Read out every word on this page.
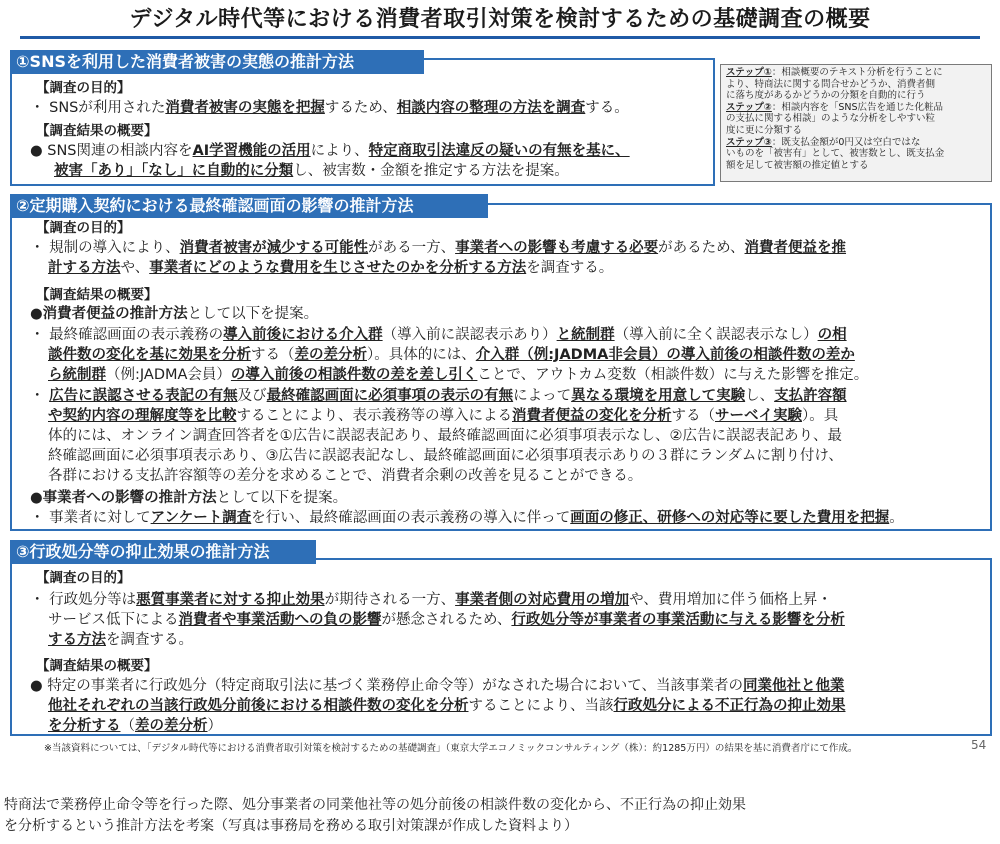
デジタル時代等における消費者取引対策を検討するための基礎調査の概要
①SNSを利用した消費者被害の実態の推計方法
【調査の目的】
・ SNSが利用された消費者被害の実態を把握するため、相談内容の整理の方法を調査する。
【調査結果の概要】
● SNS関連の相談内容をAI学習機能の活用により、特定商取引法違反の疑いの有無を基に、
被害「あり」「なし」に自動的に分類し、被害数・金額を推定する方法を提案。
ステップ①：相談概要のテキスト分析を行うことに
より、特商法に関する問合せかどうか、消費者側
に落ち度があるかどうかの分類を自動的に行う
ステップ②：相談内容を「SNS広告を通じた化粧品
の支払に関する相談」のような分析をしやすい粒
度に更に分類する
ステップ③：既支払金額が0円又は空白ではな
いものを「被害有」として、被害数とし、既支払金
額を足して被害額の推定値とする
②定期購入契約における最終確認画面の影響の推計方法
【調査の目的】
・ 規制の導入により、消費者被害が減少する可能性がある一方、事業者への影響も考慮する必要があるため、消費者便益を推
計する方法や、事業者にどのような費用を生じさせたのかを分析する方法を調査する。
【調査結果の概要】
●消費者便益の推計方法として以下を提案。
・ 最終確認画面の表示義務の導入前後における介入群（導入前に誤認表示あり）と統制群（導入前に全く誤認表示なし）の相
談件数の変化を基に効果を分析する（差の差分析）。具体的には、介入群（例:JADMA非会員）の導入前後の相談件数の差か
ら統制群（例:JADMA会員）の導入前後の相談件数の差を差し引くことで、アウトカム変数（相談件数）に与えた影響を推定。
・ 広告に誤認させる表記の有無及び最終確認画面に必須事項の表示の有無によって異なる環境を用意して実験し、支払許容額
や契約内容の理解度等を比較することにより、表示義務等の導入による消費者便益の変化を分析する（サーベイ実験）。具
体的には、オンライン調査回答者を①広告に誤認表記あり、最終確認画面に必須事項表示なし、②広告に誤認表記あり、最
終確認画面に必須事項表示あり、③広告に誤認表記なし、最終確認画面に必須事項表示ありの３群にランダムに割り付け、
各群における支払許容額等の差分を求めることで、消費者余剰の改善を見ることができる。
●事業者への影響の推計方法として以下を提案。
・ 事業者に対してアンケート調査を行い、最終確認画面の表示義務の導入に伴って画面の修正、研修への対応等に要した費用を把握。
③行政処分等の抑止効果の推計方法
【調査の目的】
・ 行政処分等は悪質事業者に対する抑止効果が期待される一方、事業者側の対応費用の増加や、費用増加に伴う価格上昇・
サービス低下による消費者や事業活動への負の影響が懸念されるため、行政処分等が事業者の事業活動に与える影響を分析
する方法を調査する。
【調査結果の概要】
● 特定の事業者に行政処分（特定商取引法に基づく業務停止命令等）がなされた場合において、当該事業者の同業他社と他業
他社それぞれの当該行政処分前後における相談件数の変化を分析することにより、当該行政処分による不正行為の抑止効果
を分析する（差の差分析）
※当該資料については、「デジタル時代等における消費者取引対策を検討するための基礎調査」（東京大学エコノミックコンサルティング（株）：約1285万円）の結果を基に消費者庁にて作成。	54
特商法で業務停止命令等を行った際、処分事業者の同業他社等の処分前後の相談件数の変化から、不正行為の抑止効果
を分析するという推計方法を考案（写真は事務局を務める取引対策課が作成した資料より）
